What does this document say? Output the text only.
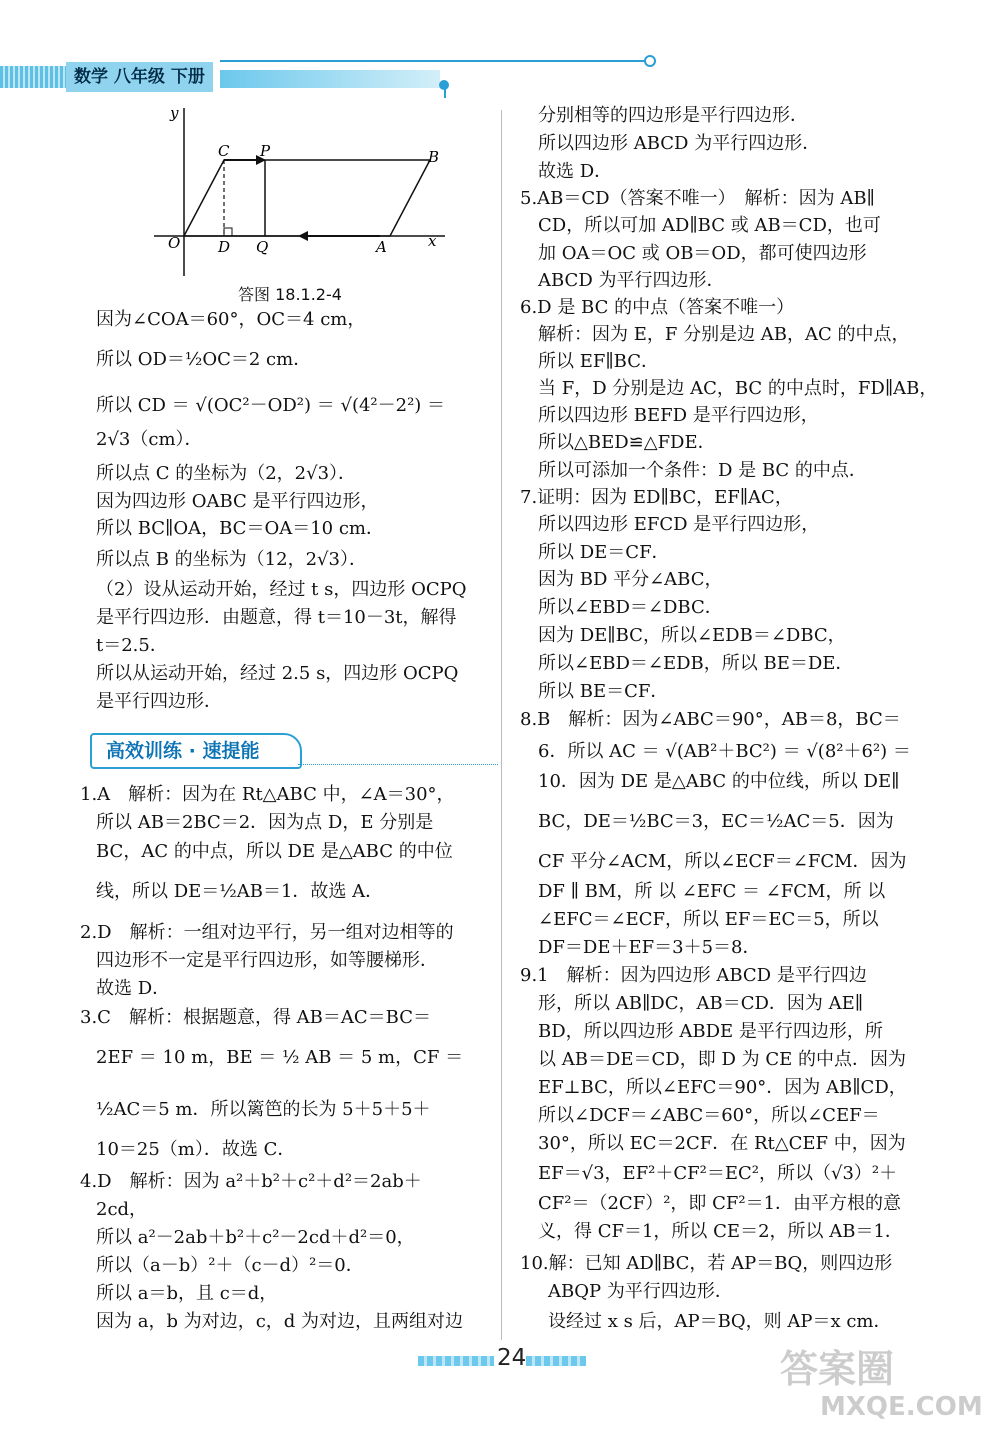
数学 八年级 下册
y
x
O
C P	B
D Q	A
答图 18.1.2-4
因为∠COA＝60°，OC＝4 cm，
所以 OD＝½OC＝2 cm．
所以 CD ＝ √(OC²－OD²) ＝ √(4²－2²) ＝
2√3（cm）．
所以点 C 的坐标为（2，2√3）．
因为四边形 OABC 是平行四边形，
所以 BC∥OA，BC＝OA＝10 cm．
所以点 B 的坐标为（12，2√3）．
（2）设从运动开始，经过 t s，四边形 OCPQ
是平行四边形．由题意，得 t＝10－3t，解得
t＝2.5．
所以从运动开始，经过 2.5 s，四边形 OCPQ
是平行四边形．
高效训练 · 速提能
1.A　解析：因为在 Rt△ABC 中，∠A＝30°，
所以 AB＝2BC＝2．因为点 D，E 分别是
BC，AC 的中点，所以 DE 是△ABC 的中位
线，所以 DE＝½AB＝1．故选 A．
2.D　解析：一组对边平行，另一组对边相等的
四边形不一定是平行四边形，如等腰梯形．
故选 D．
3.C　解析：根据题意，得 AB＝AC＝BC＝
2EF ＝ 10 m，BE ＝ ½ AB ＝ 5 m，CF ＝
½AC＝5 m．所以篱笆的长为 5＋5＋5＋
10＝25（m）．故选 C．
4.D　解析：因为 a²＋b²＋c²＋d²＝2ab＋
2cd，
所以 a²－2ab＋b²＋c²－2cd＋d²＝0，
所以（a－b）²＋（c－d）²＝0．
所以 a＝b，且 c＝d，
因为 a，b 为对边，c，d 为对边，且两组对边
分别相等的四边形是平行四边形．
所以四边形 ABCD 为平行四边形．
故选 D．
5.AB＝CD（答案不唯一）　解析：因为 AB∥
CD，所以可加 AD∥BC 或 AB＝CD，也可
加 OA＝OC 或 OB＝OD，都可使四边形
ABCD 为平行四边形．
6.D 是 BC 的中点（答案不唯一）
解析：因为 E，F 分别是边 AB，AC 的中点，
所以 EF∥BC．
当 F，D 分别是边 AC，BC 的中点时，FD∥AB，
所以四边形 BEFD 是平行四边形，
所以△BED≌△FDE．
所以可添加一个条件：D 是 BC 的中点．
7.证明：因为 ED∥BC，EF∥AC，
所以四边形 EFCD 是平行四边形，
所以 DE＝CF．
因为 BD 平分∠ABC，
所以∠EBD＝∠DBC．
因为 DE∥BC，所以∠EDB＝∠DBC，
所以∠EBD＝∠EDB，所以 BE＝DE．
所以 BE＝CF．
8.B　解析：因为∠ABC＝90°，AB＝8，BC＝
6．所以 AC ＝ √(AB²＋BC²) ＝ √(8²＋6²) ＝
10．因为 DE 是△ABC 的中位线，所以 DE∥
BC，DE＝½BC＝3，EC＝½AC＝5．因为
CF 平分∠ACM，所以∠ECF＝∠FCM．因为
DF ∥ BM，所 以 ∠EFC ＝ ∠FCM，所 以
∠EFC＝∠ECF，所以 EF＝EC＝5，所以
DF＝DE＋EF＝3＋5＝8．
9.1　解析：因为四边形 ABCD 是平行四边
形，所以 AB∥DC，AB＝CD．因为 AE∥
BD，所以四边形 ABDE 是平行四边形，所
以 AB＝DE＝CD，即 D 为 CE 的中点．因为
EF⊥BC，所以∠EFC＝90°．因为 AB∥CD，
所以∠DCF＝∠ABC＝60°，所以∠CEF＝
30°，所以 EC＝2CF．在 Rt△CEF 中，因为
EF＝√3，EF²＋CF²＝EC²，所以（√3）²＋
CF²＝（2CF）²，即 CF²＝1．由平方根的意
义，得 CF＝1，所以 CE＝2，所以 AB＝1．
10.解：已知 AD∥BC，若 AP＝BQ，则四边形
ABQP 为平行四边形．
设经过 x s 后，AP＝BQ，则 AP＝x cm．
24	答案圈
MXQE.COM
